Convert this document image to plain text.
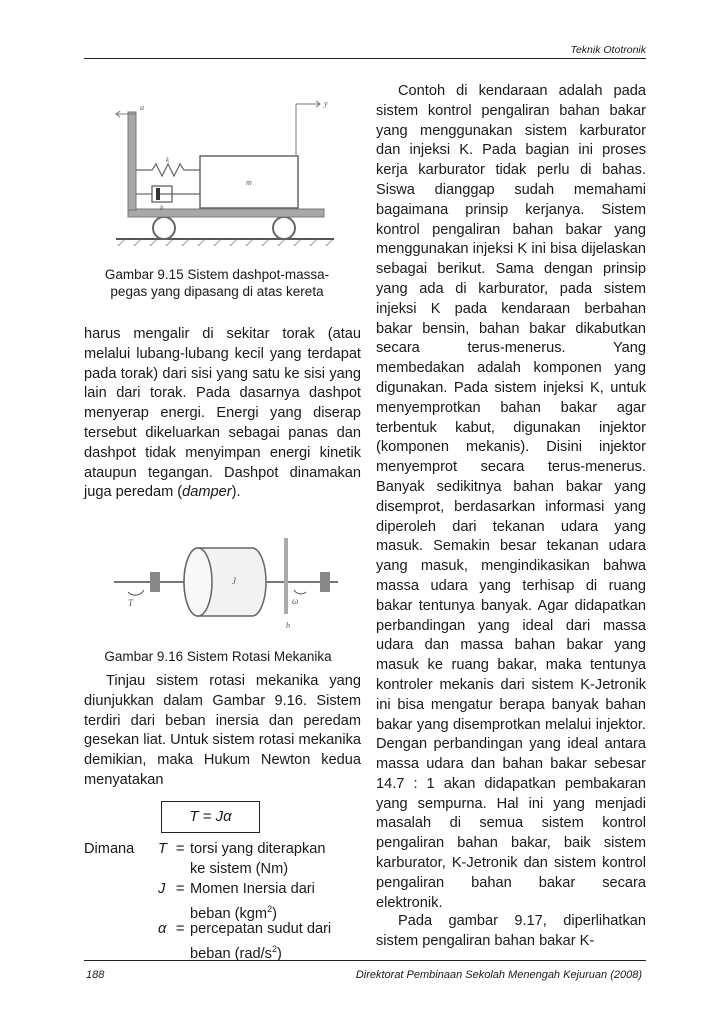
Teknik Ototronik
u	y
k
m
b
Gambar 9.15 Sistem dashpot-massa-
pegas yang dipasang di atas kereta

harus mengalir di sekitar torak (atau melalui lubang-lubang kecil yang terdapat pada torak) dari sisi yang satu ke sisi yang lain dari torak. Pada dasarnya dashpot menyerap energi. Energi yang diserap tersebut dikeluarkan sebagai panas dan dashpot tidak menyimpan energi kinetik ataupun tegangan. Dashpot dinamakan juga peredam (damper).

T
J
ω
b
Gambar 9.16 Sistem Rotasi Mekanika

Tinjau sistem rotasi mekanika yang diunjukkan dalam Gambar 9.16. Sistem terdiri dari beban inersia dan peredam gesekan liat. Untuk sistem rotasi mekanika demikian, maka Hukum Newton kedua menyatakan

T = Jα
Dimana T = torsi yang diterapkan
ke sistem (Nm)
J = Momen Inersia dari
beban (kgm$^2$)
α = percepatan sudut dari
beban $(rad/s^2)$

Contoh di kendaraan adalah pada sistem kontrol pengaliran bahan bakar yang menggunakan sistem karburator dan injeksi K. Pada bagian ini proses kerja karburator tidak perlu di bahas. Siswa dianggap sudah memahami bagaimana prinsip kerjanya. Sistem kontrol pengaliran bahan bakar yang menggunakan injeksi K ini bisa dijelaskan sebagai berikut. Sama dengan prinsip yang ada di karburator, pada sistem injeksi K pada kendaraan berbahan bakar bensin, bahan bakar dikabutkan secara terus-menerus. Yang membedakan adalah komponen yang digunakan. Pada sistem injeksi K, untuk menyemprotkan bahan bakar agar terbentuk kabut, digunakan injektor (komponen mekanis). Disini injektor menyemprot secara terus-menerus. Banyak sedikitnya bahan bakar yang disemprot, berdasarkan informasi yang diperoleh dari tekanan udara yang masuk. Semakin besar tekanan udara yang masuk, mengindikasikan bahwa massa udara yang terhisap di ruang bakar tentunya banyak. Agar didapatkan perbandingan yang ideal dari massa udara dan massa bahan bakar yang masuk ke ruang bakar, maka tentunya kontroler mekanis dari sistem K-Jetronik ini bisa mengatur berapa banyak bahan bakar yang disemprotkan melalui injektor. Dengan perbandingan yang ideal antara massa udara dan bahan bakar sebesar 14.7 : 1 akan didapatkan pembakaran yang sempurna. Hal ini yang menjadi masalah di semua sistem kontrol pengaliran bahan bakar, baik sistem karburator, K-Jetronik dan sistem kontrol pengaliran bahan bakar secara elektronik.

Pada gambar 9.17, diperlihatkan sistem pengaliran bahan bakar K-

188	Direktorat Pembinaan Sekolah Menengah Kejuruan (2008)
